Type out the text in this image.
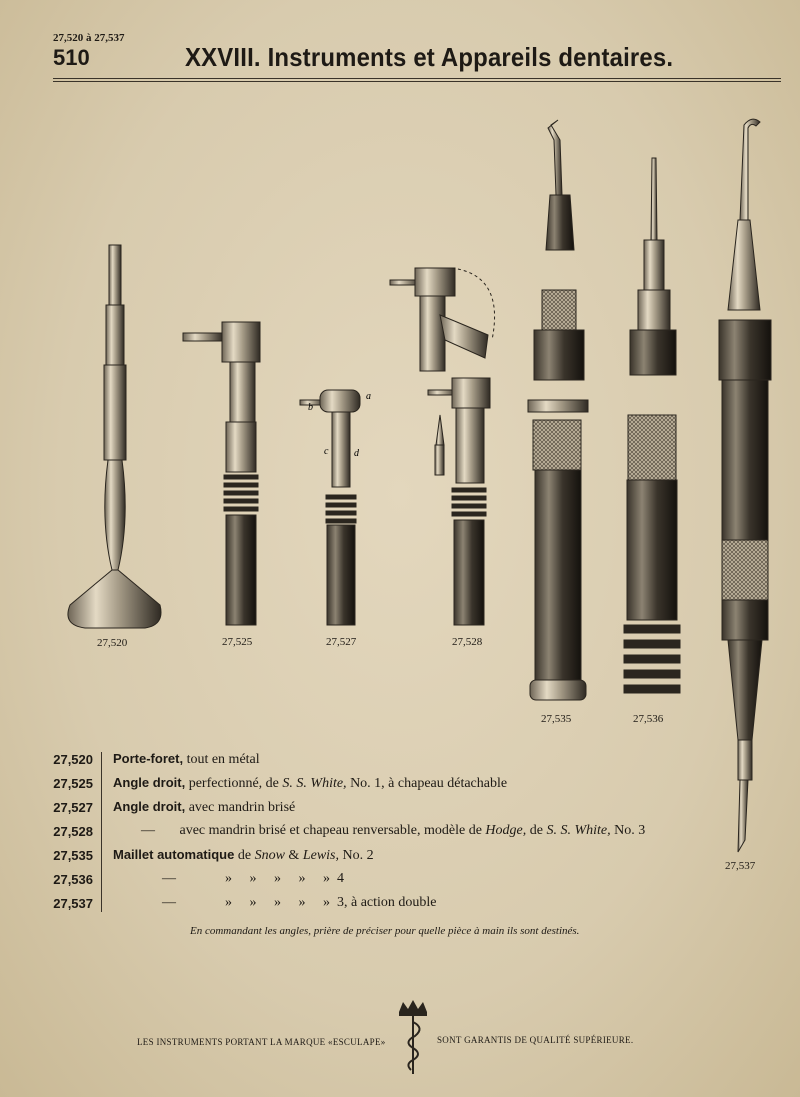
27,520 à 27,537
510	XXVIII. Instruments et Appareils dentaires.
a
b
c	d
27,520	27,525	27,527	27,528
27,535	27,536
27,537
27,520 Porte-foret, tout en métal
27,525 Angle droit, perfectionné, de S. S. White, No. 1, à chapeau détachable
27,527 Angle droit, avec mandrin brisé
27,528	—       avec mandrin brisé et chapeau renversable, modèle de Hodge, de S. S. White, No. 3
27,535 Maillet automatique de Snow & Lewis, No. 2
27,536	—              »     »     »     »     »  4
27,537	—              »     »     »     »     »  3, à action double
En commandant les angles, prière de préciser pour quelle pièce à main ils sont destinés.
LES INSTRUMENTS PORTANT LA MARQUE «ESCULAPE»	SONT GARANTIS DE QUALITÉ SUPÉRIEURE.
